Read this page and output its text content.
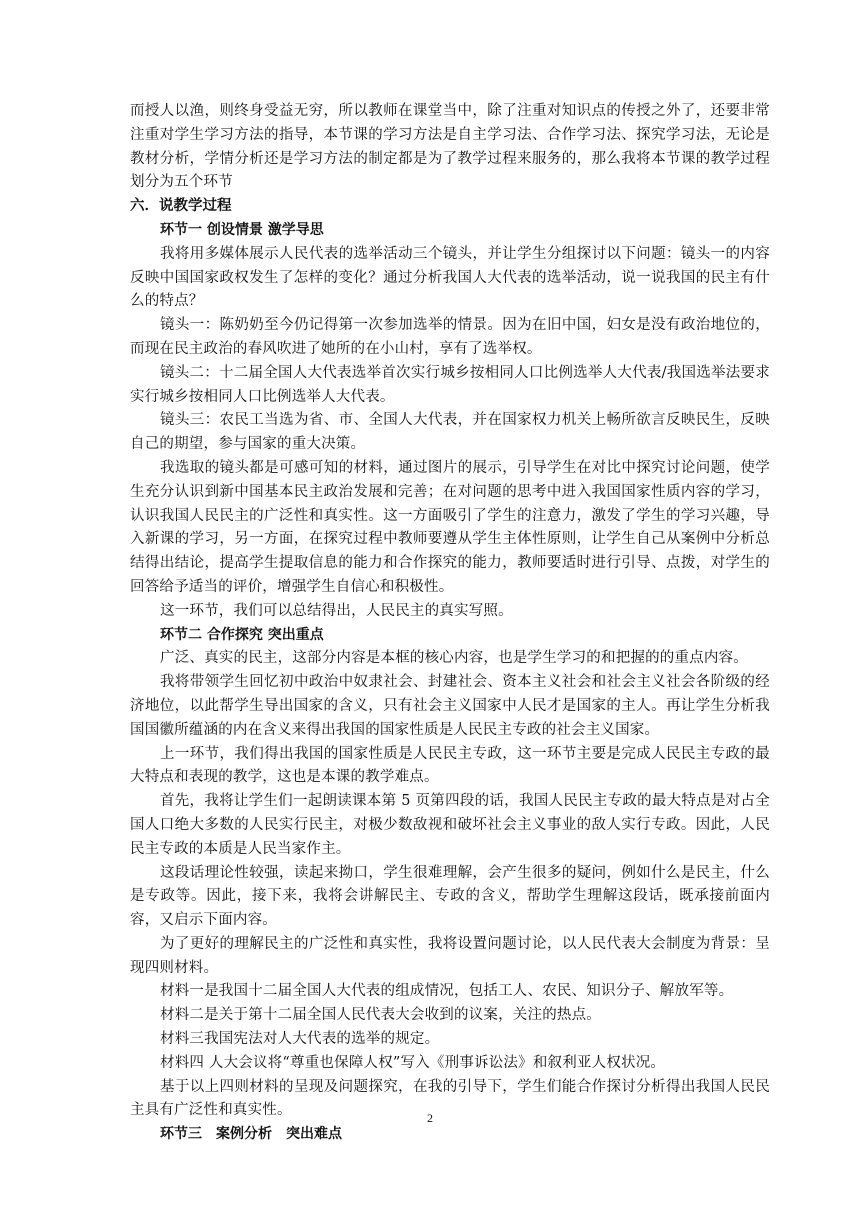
而授人以渔，则终身受益无穷，所以教师在课堂当中，除了注重对知识点的传授之外了，还要非常注重对学生学习方法的指导，本节课的学习方法是自主学习法、合作学习法、探究学习法，无论是教材分析，学情分析还是学习方法的制定都是为了教学过程来服务的，那么我将本节课的教学过程划分为五个环节

六．说教学过程

环节一 创设情景 激学导思

我将用多媒体展示人民代表的选举活动三个镜头，并让学生分组探讨以下问题：镜头一的内容反映中国国家政权发生了怎样的变化？通过分析我国人大代表的选举活动，说一说我国的民主有什么的特点？

镜头一：陈奶奶至今仍记得第一次参加选举的情景。因为在旧中国，妇女是没有政治地位的，而现在民主政治的春风吹进了她所的在小山村，享有了选举权。

镜头二：十二届全国人大代表选举首次实行城乡按相同人口比例选举人大代表/我国选举法要求实行城乡按相同人口比例选举人大代表。

镜头三：农民工当选为省、市、全国人大代表，并在国家权力机关上畅所欲言反映民生，反映自己的期望，参与国家的重大决策。

我选取的镜头都是可感可知的材料，通过图片的展示，引导学生在对比中探究讨论问题，使学生充分认识到新中国基本民主政治发展和完善；在对问题的思考中进入我国国家性质内容的学习，认识我国人民民主的广泛性和真实性。这一方面吸引了学生的注意力，激发了学生的学习兴趣，导入新课的学习，另一方面，在探究过程中教师要遵从学生主体性原则，让学生自己从案例中分析总结得出结论，提高学生提取信息的能力和合作探究的能力，教师要适时进行引导、点拨，对学生的回答给予适当的评价，增强学生自信心和积极性。

这一环节，我们可以总结得出，人民民主的真实写照。

环节二 合作探究 突出重点

广泛、真实的民主，这部分内容是本框的核心内容，也是学生学习的和把握的的重点内容。

我将带领学生回忆初中政治中奴隶社会、封建社会、资本主义社会和社会主义社会各阶级的经济地位，以此帮学生导出国家的含义，只有社会主义国家中人民才是国家的主人。再让学生分析我国国徽所蕴涵的内在含义来得出我国的国家性质是人民民主专政的社会主义国家。

上一环节，我们得出我国的国家性质是人民民主专政，这一环节主要是完成人民民主专政的最大特点和表现的教学，这也是本课的教学难点。

首先，我将让学生们一起朗读课本第 5 页第四段的话，我国人民民主专政的最大特点是对占全国人口绝大多数的人民实行民主，对极少数敌视和破坏社会主义事业的敌人实行专政。因此，人民民主专政的本质是人民当家作主。

这段话理论性较强，读起来拗口，学生很难理解，会产生很多的疑问，例如什么是民主，什么是专政等。因此，接下来，我将会讲解民主、专政的含义，帮助学生理解这段话，既承接前面内容，又启示下面内容。

为了更好的理解民主的广泛性和真实性，我将设置问题讨论，以人民代表大会制度为背景：呈现四则材料。

材料一是我国十二届全国人大代表的组成情况，包括工人、农民、知识分子、解放军等。

材料二是关于第十二届全国人民代表大会收到的议案，关注的热点。

材料三我国宪法对人大代表的选举的规定。

材料四 人大会议将“尊重也保障人权”写入《刑事诉讼法》和叙利亚人权状况。

基于以上四则材料的呈现及问题探究，在我的引导下，学生们能合作探讨分析得出我国人民民主具有广泛性和真实性。

环节三　案例分析　突出难点

2
